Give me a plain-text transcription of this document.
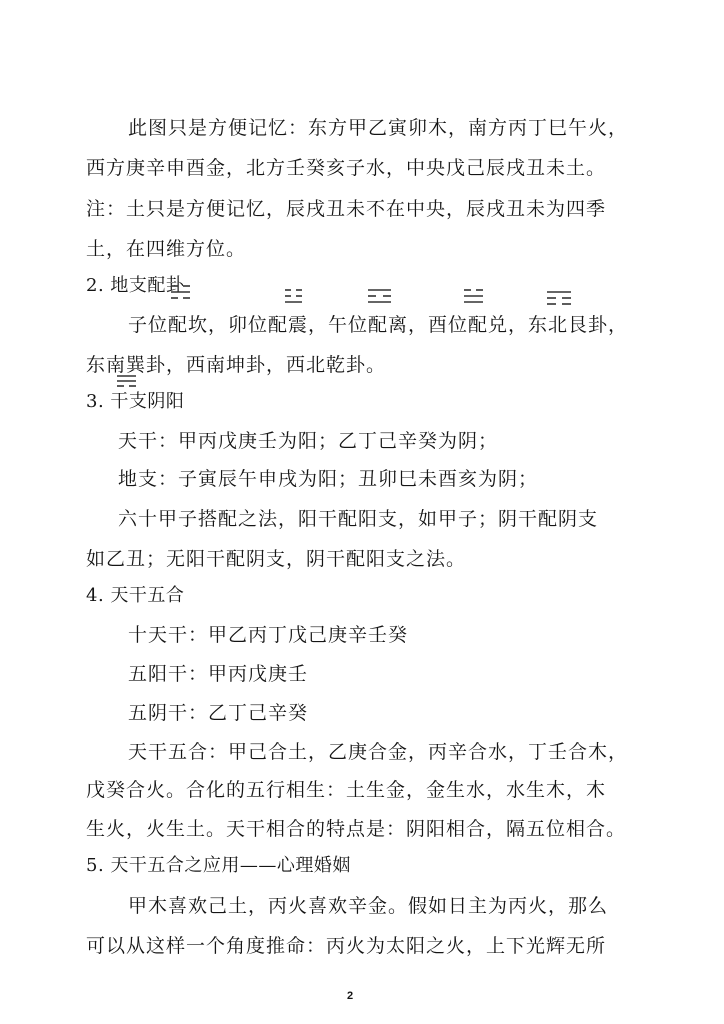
此图只是方便记忆：东方甲乙寅卯木，南方丙丁巳午火，
西方庚辛申酉金，北方壬癸亥子水，中央戊己辰戌丑未土。
注：土只是方便记忆，辰戌丑未不在中央，辰戌丑未为四季
土，在四维方位。
2. 地支配卦
子位配坎，卯位配震，午位配离，酉位配兑，东北艮卦，
东南巽卦，西南坤卦，西北乾卦。
3. 干支阴阳
天干：甲丙戊庚壬为阳；乙丁己辛癸为阴；
地支：子寅辰午申戌为阳；丑卯巳未酉亥为阴；
六十甲子搭配之法，阳干配阳支，如甲子；阴干配阴支
如乙丑；无阳干配阴支，阴干配阳支之法。
4. 天干五合
十天干：甲乙丙丁戊己庚辛壬癸
五阳干：甲丙戊庚壬
五阴干：乙丁己辛癸
天干五合：甲己合土，乙庚合金，丙辛合水，丁壬合木，
戊癸合火。合化的五行相生：土生金，金生水，水生木，木
生火，火生土。天干相合的特点是：阴阳相合，隔五位相合。
5. 天干五合之应用——心理婚姻
甲木喜欢己土，丙火喜欢辛金。假如日主为丙火，那么
可以从这样一个角度推命：丙火为太阳之火，上下光辉无所
2
